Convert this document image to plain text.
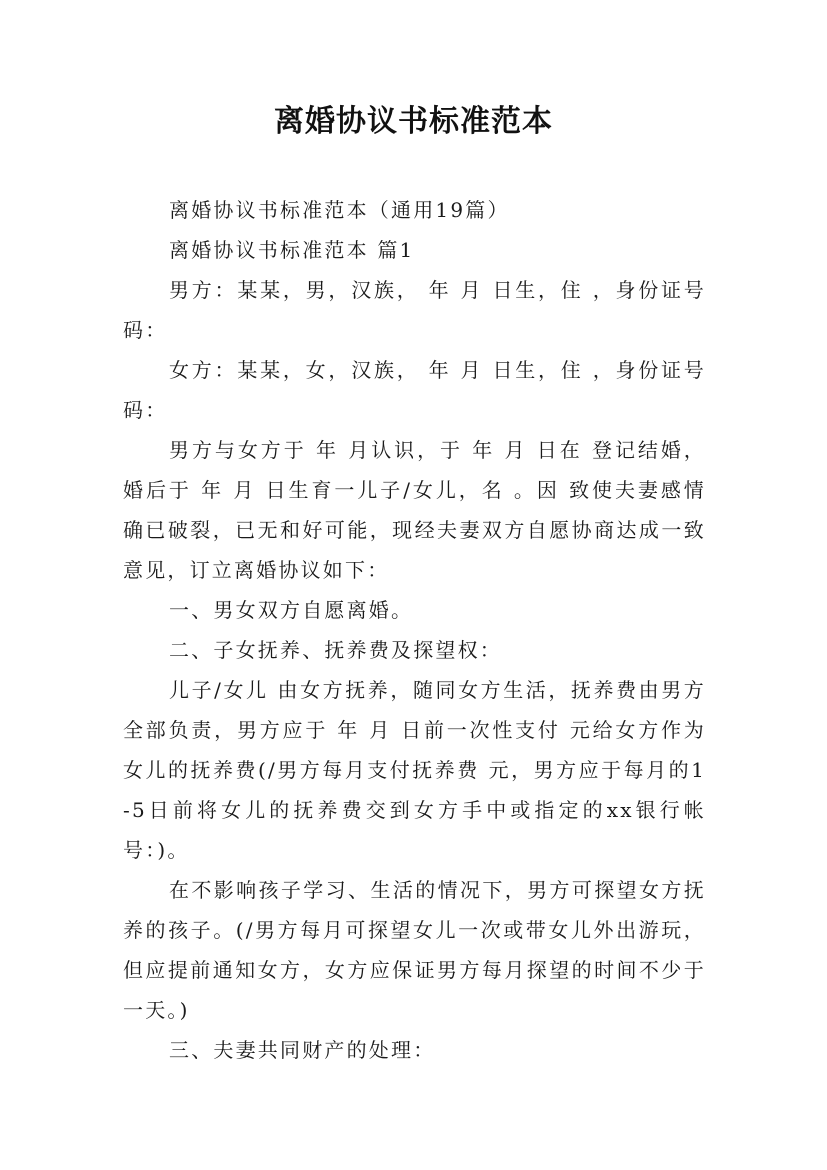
离婚协议书标准范本

离婚协议书标准范本（通用19篇）

离婚协议书标准范本 篇1

男方：某某，男，汉族， 年 月 日生，住 ，身份证号码：

女方：某某，女，汉族， 年 月 日生，住 ，身份证号码：

男方与女方于 年 月认识，于 年 月 日在 登记结婚，婚后于 年 月 日生育一儿子/女儿，名 。因 致使夫妻感情确已破裂，已无和好可能，现经夫妻双方自愿协商达成一致意见，订立离婚协议如下：

一、男女双方自愿离婚。

二、子女抚养、抚养费及探望权：

儿子/女儿 由女方抚养，随同女方生活，抚养费由男方全部负责，男方应于 年 月 日前一次性支付 元给女方作为女儿的抚养费(/男方每月支付抚养费 元，男方应于每月的1-5日前将女儿的抚养费交到女方手中或指定的xx银行帐号：)。

在不影响孩子学习、生活的情况下，男方可探望女方抚养的孩子。(/男方每月可探望女儿一次或带女儿外出游玩，但应提前通知女方，女方应保证男方每月探望的时间不少于一天。)

三、夫妻共同财产的处理：
